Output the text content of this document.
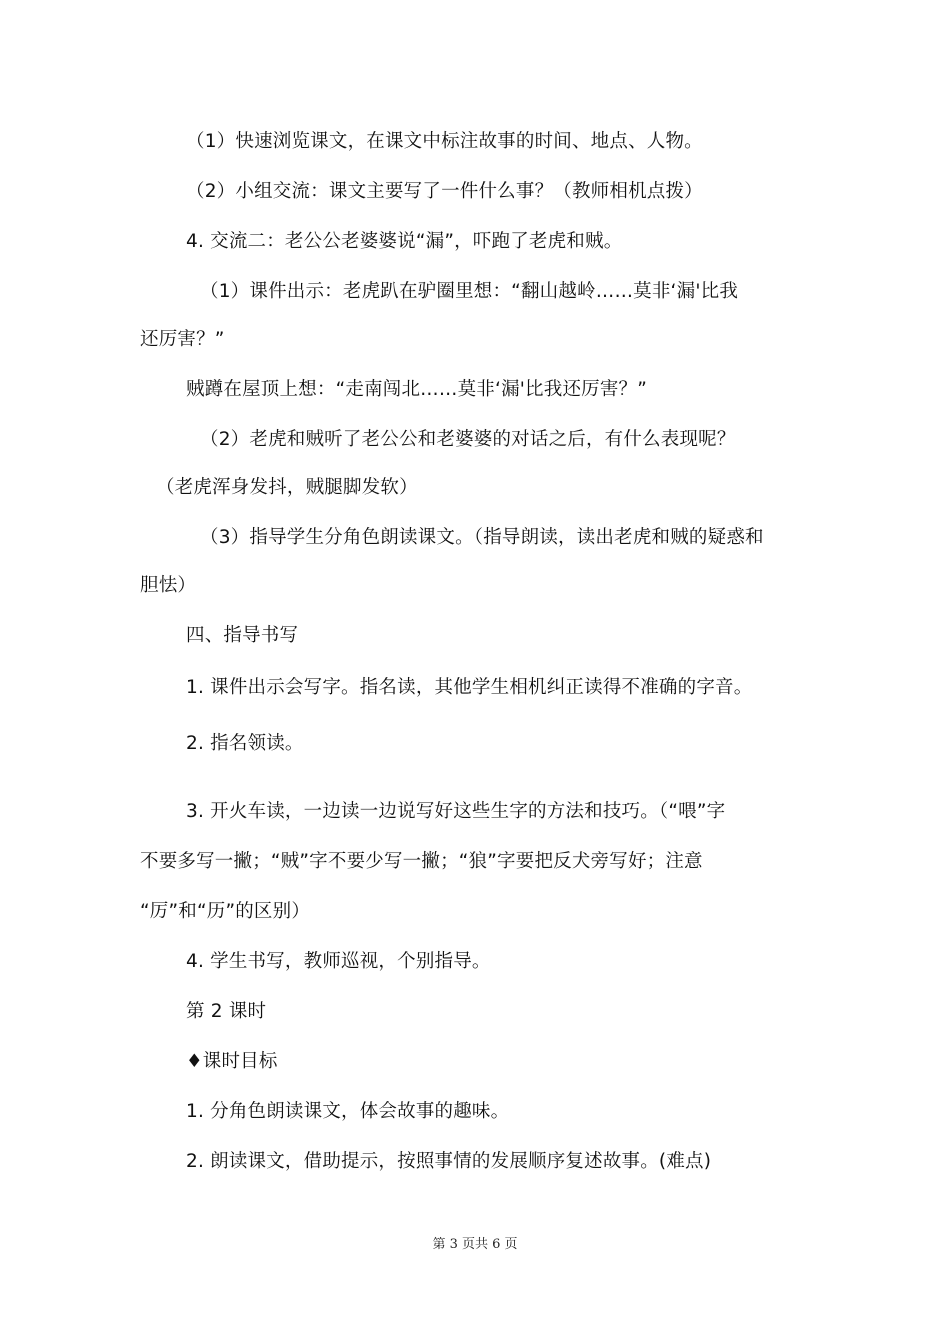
（1）快速浏览课文，在课文中标注故事的时间、地点、人物。

（2）小组交流：课文主要写了一件什么事？（教师相机点拨）

4. 交流二：老公公老婆婆说“漏”，吓跑了老虎和贼。

（1）课件出示：老虎趴在驴圈里想：“翻山越岭……莫非‘漏'比我

还厉害？”

贼蹲在屋顶上想：“走南闯北……莫非‘漏'比我还厉害？”

（2）老虎和贼听了老公公和老婆婆的对话之后，有什么表现呢？

（老虎浑身发抖，贼腿脚发软）

（3）指导学生分角色朗读课文。（指导朗读，读出老虎和贼的疑惑和

胆怯）

四、指导书写

1. 课件出示会写字。指名读，其他学生相机纠正读得不准确的字音。

2. 指名领读。

3. 开火车读，一边读一边说写好这些生字的方法和技巧。（“喂”字

不要多写一撇；“贼”字不要少写一撇；“狼”字要把反犬旁写好；注意

“厉”和“历”的区别）

4. 学生书写，教师巡视，个别指导。

第 2 课时

♦课时目标

1. 分角色朗读课文，体会故事的趣味。

2. 朗读课文，借助提示，按照事情的发展顺序复述故事。(难点)

第 3 页共 6 页
